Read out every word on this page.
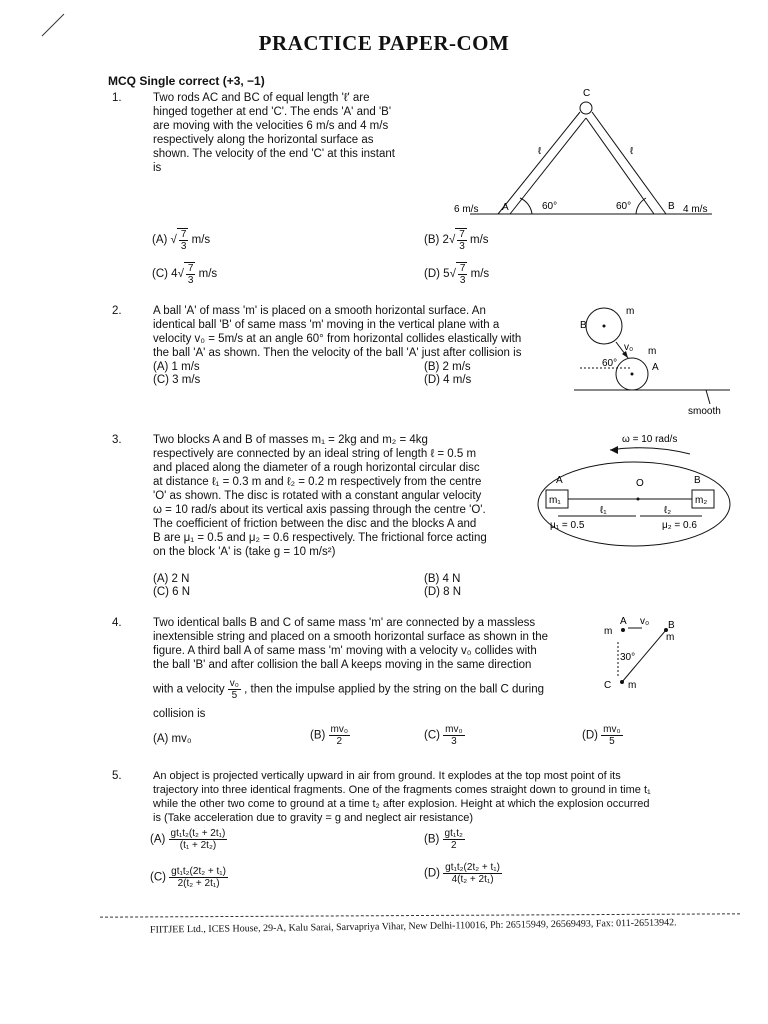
PRACTICE PAPER-COM
MCQ Single correct (+3, −1)
1.	Two rods AC and BC of equal length 'ℓ' are
hinged together at end 'C'. The ends 'A' and 'B'
are moving with the velocities 6 m/s and 4 m/s
respectively along the horizontal surface as
shown. The velocity of the end 'C' at this instant
is
C
ℓ	ℓ
6 m/s A	60°	60°	B 4 m/s
(A) √ $\frac{7}{3} m/s$	(B) $2√ \frac{7}{3} m/s$
(C) $4√ \frac{7}{3} m/s$	(D) $5√ \frac{7}{3} m/s$
2.	A ball 'A' of mass 'm' is placed on a smooth horizontal surface. An
identical ball 'B' of same mass 'm' moving in the vertical plane with a
velocity v₀ = 5m/s at an angle 60° from horizontal collides elastically with
the ball 'A' as shown. Then the velocity of the ball 'A' just after collision is
(A) 1 m/s	(B) 2 m/s
(C) 3 m/s	(D) 4 m/s
m
B
v₀ m
60°	A
smooth
3.	Two blocks A and B of masses m₁ = 2kg and m₂ = 4kg
respectively are connected by an ideal string of length ℓ = 0.5 m
and placed along the diameter of a rough horizontal circular disc
at distance ℓ₁ = 0.3 m and ℓ₂ = 0.2 m respectively from the centre
'O' as shown. The disc is rotated with a constant angular velocity
ω = 10 rad/s about its vertical axis passing through the centre 'O'.
The coefficient of friction between the disc and the blocks A and
B are μ₁ = 0.5 and μ₂ = 0.6 respectively. The frictional force acting
on the block 'A' is (take g = 10 m/s²)
(A) 2 N	(B) 4 N
(C) 6 N	(D) 8 N
ω = 10 rad/s
A	O	B
m₁	m₂
ℓ₁	ℓ₂
μ₁ = 0.5	μ₂ = 0.6
4.	Two identical balls B and C of same mass 'm' are connected by a massless
inextensible string and placed on a smooth horizontal surface as shown in the
figure. A third ball A of same mass 'm' moving with a velocity v₀ collides with
the ball 'B' and after collision the ball A keeps moving in the same direction
with a velocity $\frac{\text{v₀}}{5}$ , then the impulse applied by the string on the ball C during
collision is
(A) mv₀	$(B) \frac{\text{mv₀}}{2}$	$(C) \frac{\text{mv₀}}{3}$	$(D) \frac{\text{mv₀}}{5}$
m
A v₀ B
m
30°
C m
5.	An object is projected vertically upward in air from ground. It explodes at the top most point of its
trajectory into three identical fragments. One of the fragments comes straight down to ground in time t₁
while the other two come to ground at a time t₂ after explosion. Height at which the explosion occurred
is (Take acceleration due to gravity = g and neglect air resistance)
$(A) \frac{\text{gt₁t₂(t₂ + 2t₁)}}{\text{(t₁ + 2t₂)}}$	$(B) \frac{\text{gt₁t₂}}{2}$
$(C) \frac{\text{gt₁t₂(2t₂ + t₁)}}{\text{2(t₂ + 2t₁)}}$	$(D) \frac{\text{gt₁t₂(2t₂ + t₁)}}{\text{4(t₂ + 2t₁)}}$
FIITJEE Ltd., ICES House, 29-A, Kalu Sarai, Sarvapriya Vihar, New Delhi-110016, Ph: 26515949, 26569493, Fax: 011-26513942.
